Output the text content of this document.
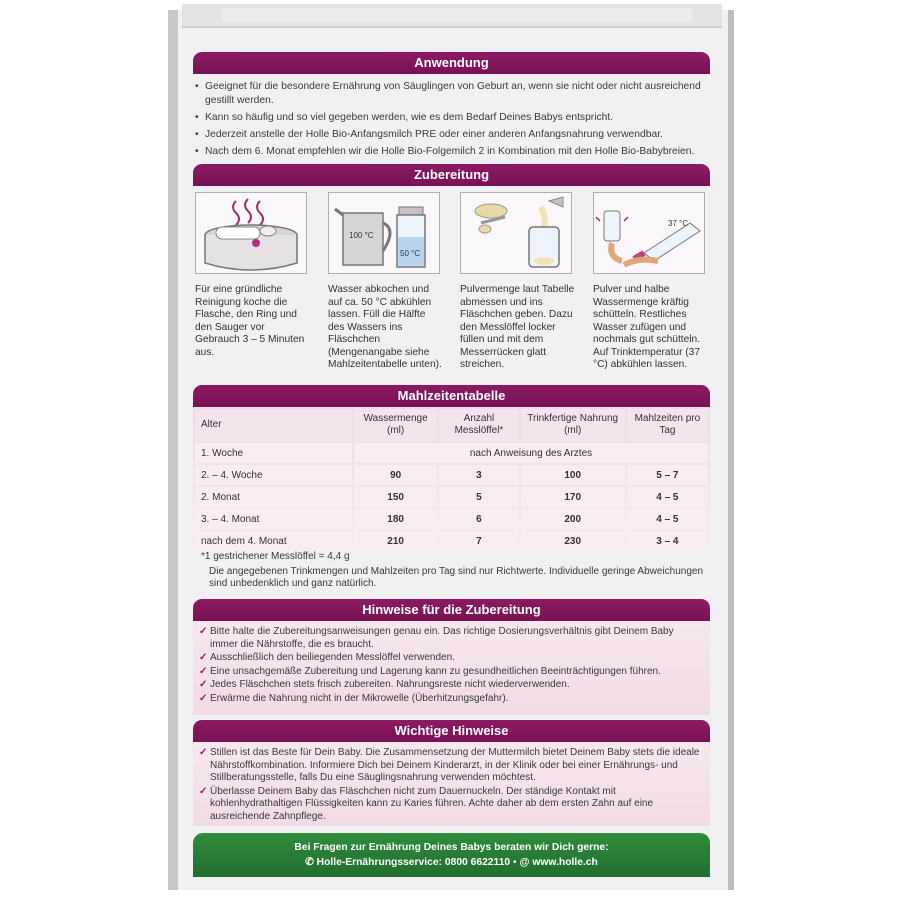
Anwendung
• Geeignet für die besondere Ernährung von Säuglingen von Geburt an, wenn sie nicht oder nicht ausreichend gestillt werden.
• Kann so häufig und so viel gegeben werden, wie es dem Bedarf Deines Babys entspricht.
• Jederzeit anstelle der Holle Bio-Anfangsmilch PRE oder einer anderen Anfangsnahrung verwendbar.
• Nach dem 6. Monat empfehlen wir die Holle Bio-Folgemilch 2 in Kombination mit den Holle Bio-Babybreien.
Zubereitung
Für eine gründliche Reinigung koche die Flasche, den Ring und den Sauger vor Gebrauch 3 – 5 Minuten aus.
100 °C
50 °C
Wasser abkochen und auf ca. 50 °C abkühlen lassen. Füll die Hälfte des Wassers ins Fläschchen (Mengenangabe siehe Mahlzeitentabelle unten).
Pulvermenge laut Tabelle abmessen und ins Fläschchen geben. Dazu den Messlöffel locker füllen und mit dem Messerrücken glatt streichen.
37 °C
Pulver und halbe Wassermenge kräftig schütteln. Restliches Wasser zufügen und nochmals gut schütteln. Auf Trinktemperatur (37 °C) abkühlen lassen.
Mahlzeitentabelle
Alter	Wassermenge (ml)	Anzahl Messlöffel*	Trinkfertige Nahrung (ml)	Mahlzeiten pro Tag
1. Woche	nach Anweisung des Arztes			
2. – 4. Woche	90	3	100	5 – 7
2. Monat	150	5	170	4 – 5
3. – 4. Monat	180	6	200	4 – 5
nach dem 4. Monat	210	7	230	3 – 4
*1 gestrichener Messlöffel = 4,4 g
Die angegebenen Trinkmengen und Mahlzeiten pro Tag sind nur Richtwerte. Individuelle geringe Abweichungen sind unbedenklich und ganz natürlich.
Hinweise für die Zubereitung
✓ Bitte halte die Zubereitungsanweisungen genau ein. Das richtige Dosierungsverhältnis gibt Deinem Baby immer die Nährstoffe, die es braucht.
✓ Ausschließlich den beiliegenden Messlöffel verwenden.
✓ Eine unsachgemäße Zubereitung und Lagerung kann zu gesundheitlichen Beeinträchtigungen führen.
✓ Jedes Fläschchen stets frisch zubereiten. Nahrungsreste nicht wiederverwenden.
✓ Erwärme die Nahrung nicht in der Mikrowelle (Überhitzungsgefahr).
Wichtige Hinweise
✓ Stillen ist das Beste für Dein Baby. Die Zusammensetzung der Muttermilch bietet Deinem Baby stets die ideale Nährstoffkombination. Informiere Dich bei Deinem Kinderarzt, in der Klinik oder bei einer Ernährungs- und Stillberatungsstelle, falls Du eine Säuglingsnahrung verwenden möchtest.
✓ Überlasse Deinem Baby das Fläschchen nicht zum Dauernuckeln. Der ständige Kontakt mit kohlenhydrathaltigen Flüssigkeiten kann zu Karies führen. Achte daher ab dem ersten Zahn auf eine ausreichende Zahnpflege.
Bei Fragen zur Ernährung Deines Babys beraten wir Dich gerne:
✆ Holle-Ernährungsservice: 0800 6622110 • @ www.holle.ch
